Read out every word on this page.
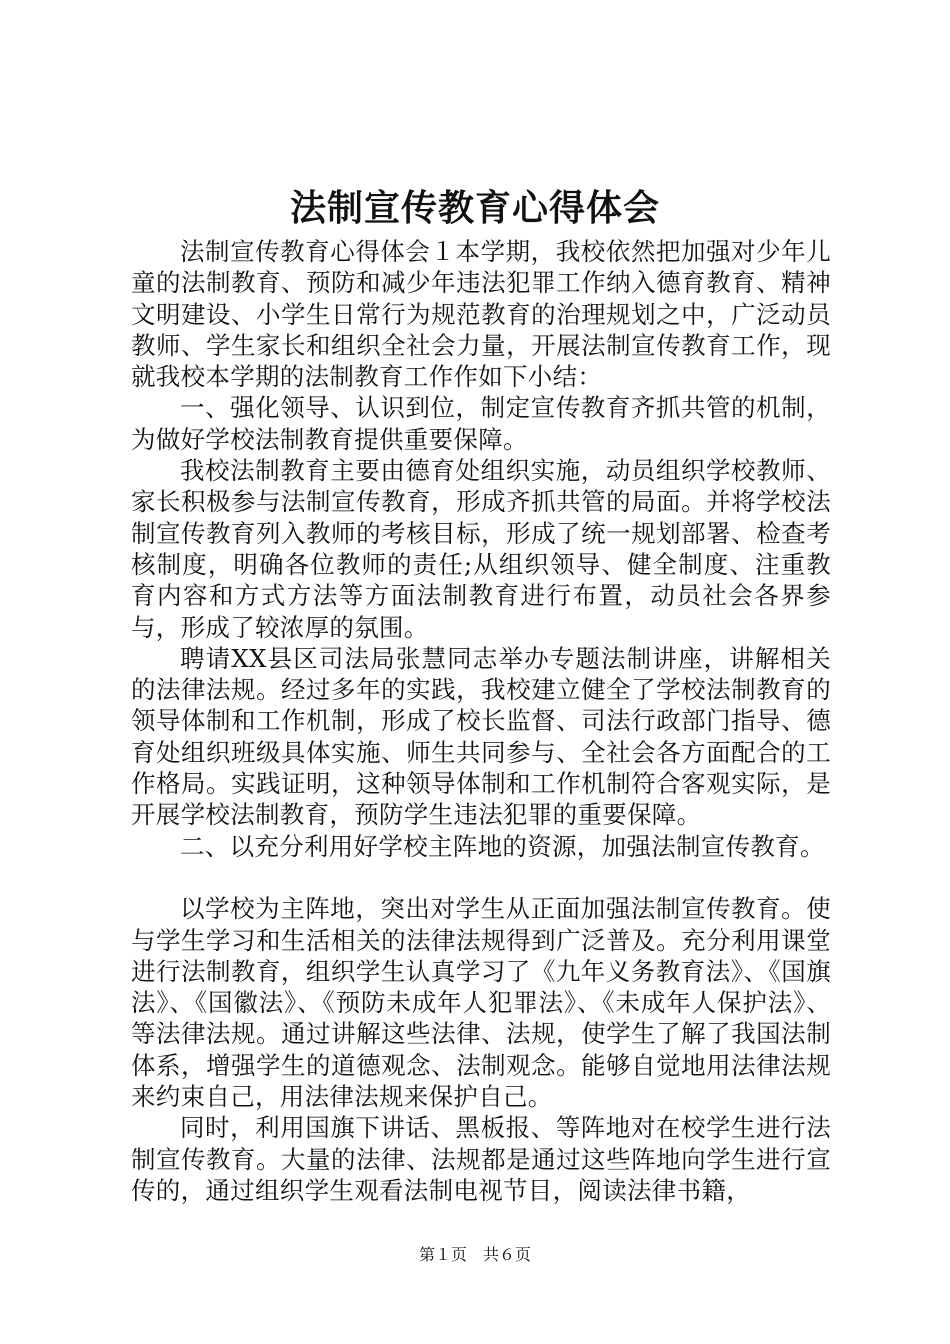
法制宣传教育心得体会

法制宣传教育心得体会１本学期，我校依然把加强对少年儿童的法制教育、预防和减少年违法犯罪工作纳入德育教育、精神文明建设、小学生日常行为规范教育的治理规划之中，广泛动员教师、学生家长和组织全社会力量，开展法制宣传教育工作，现就我校本学期的法制教育工作作如下小结：

一、强化领导、认识到位，制定宣传教育齐抓共管的机制，为做好学校法制教育提供重要保障。

我校法制教育主要由德育处组织实施，动员组织学校教师、家长积极参与法制宣传教育，形成齐抓共管的局面。并将学校法制宣传教育列入教师的考核目标，形成了统一规划部署、检查考核制度，明确各位教师的责任;从组织领导、健全制度、注重教育内容和方式方法等方面法制教育进行布置，动员社会各界参与，形成了较浓厚的氛围。

聘请XX县区司法局张慧同志举办专题法制讲座，讲解相关的法律法规。经过多年的实践，我校建立健全了学校法制教育的领导体制和工作机制，形成了校长监督、司法行政部门指导、德育处组织班级具体实施、师生共同参与、全社会各方面配合的工作格局。实践证明，这种领导体制和工作机制符合客观实际，是开展学校法制教育，预防学生违法犯罪的重要保障。

二、以充分利用好学校主阵地的资源，加强法制宣传教育。

以学校为主阵地，突出对学生从正面加强法制宣传教育。使与学生学习和生活相关的法律法规得到广泛普及。充分利用课堂进行法制教育，组织学生认真学习了《九年义务教育法》、《国旗法》、《国徽法》、《预防未成年人犯罪法》、《未成年人保护法》、等法律法规。通过讲解这些法律、法规，使学生了解了我国法制体系，增强学生的道德观念、法制观念。能够自觉地用法律法规来约束自己，用法律法规来保护自己。

同时，利用国旗下讲话、黑板报、等阵地对在校学生进行法制宣传教育。大量的法律、法规都是通过这些阵地向学生进行宣传的，通过组织学生观看法制电视节目，阅读法律书籍，

第１页　共６页
